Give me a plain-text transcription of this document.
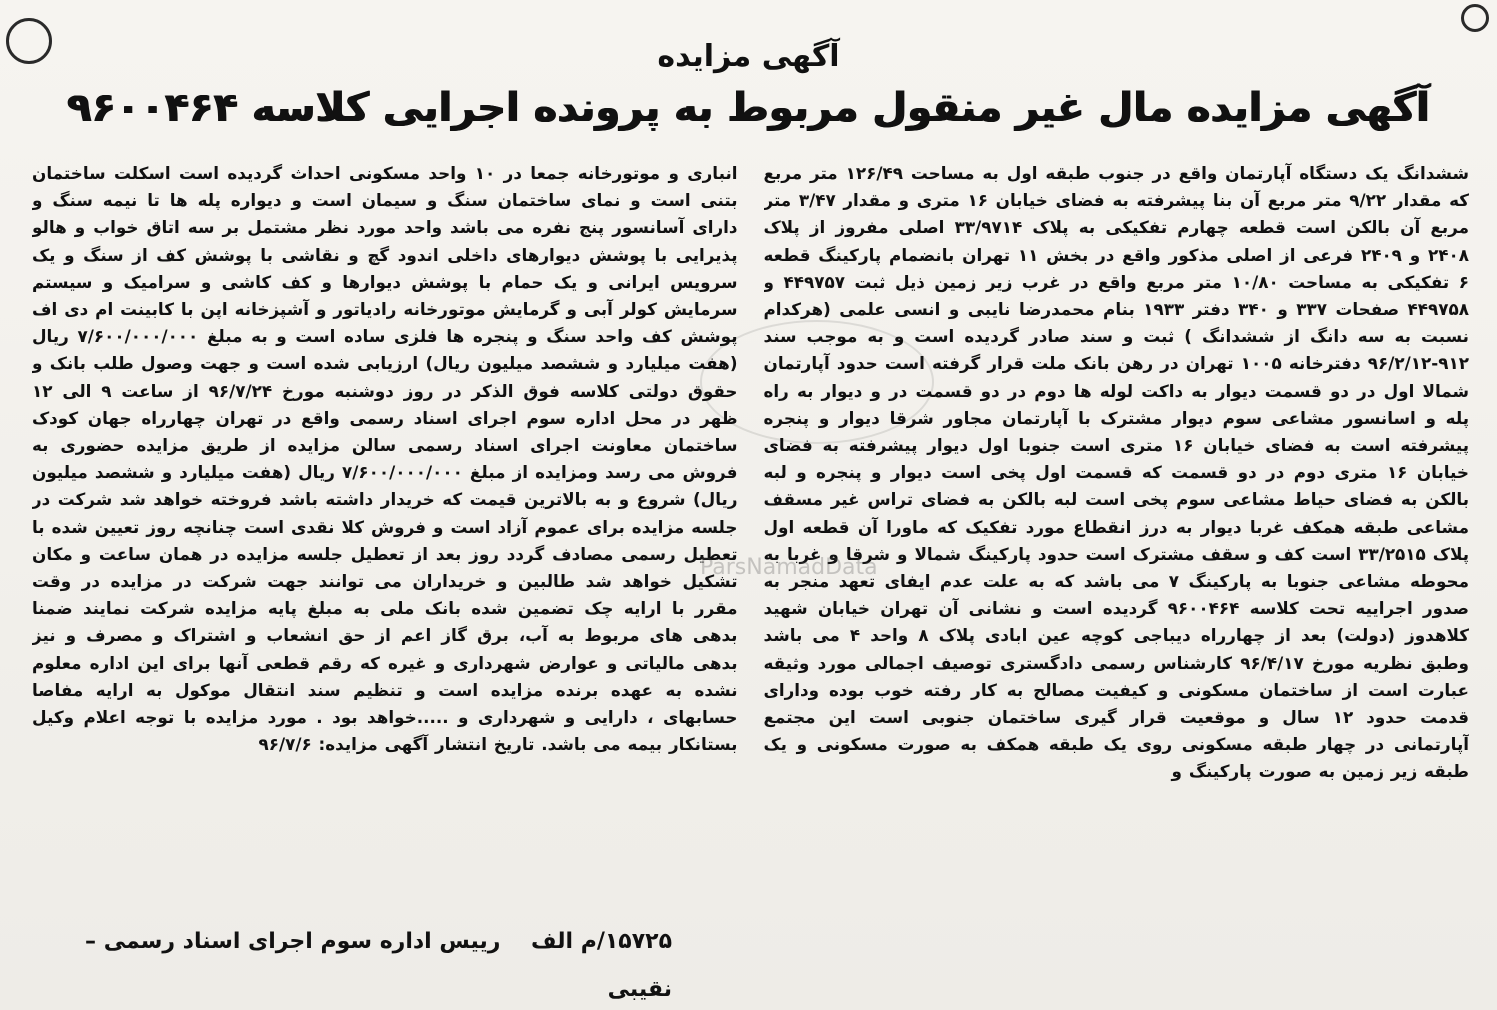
آگهی مزایده
آگهی مزایده مال غیر منقول مربوط به پرونده اجرایی کلاسه ۹۶۰۰۴۶۴
ششدانگ یک دستگاه آپارتمان واقع در جنوب طبقه اول به مساحت ۱۲۶/۴۹ متر مربع که مقدار ۹/۲۲ متر مربع آن بنا پیشرفته به فضای خیابان ۱۶ متری و مقدار ۳/۴۷ متر مربع آن بالکن است قطعه چهارم تفکیکی به پلاک ۳۳/۹۷۱۴ اصلی مفروز از پلاک ۲۴۰۸ و ۲۴۰۹ فرعی از اصلی مذکور واقع در بخش ۱۱ تهران بانضمام پارکینگ قطعه ۶ تفکیکی به مساحت ۱۰/۸۰ متر مربع واقع در غرب زیر زمین ذیل ثبت ۴۴۹۷۵۷ و ۴۴۹۷۵۸ صفحات ۳۳۷ و ۳۴۰ دفتر ۱۹۳۳ بنام محمدرضا نایبی و انسی علمی (هرکدام نسبت به سه دانگ از ششدانگ ) ثبت و سند صادر گردیده است و به موجب سند ۹۱۲-۹۶/۲/۱۲ دفترخانه ۱۰۰۵ تهران در رهن بانک ملت قرار گرفته است حدود آپارتمان شمالا اول در دو قسمت دیوار به داکت لوله ها دوم در دو قسمت در و دیوار به راه پله و اسانسور مشاعی سوم دیوار مشترک با آپارتمان مجاور شرقا دیوار و پنجره پیشرفته است به فضای خیابان ۱۶ متری است جنوبا اول دیوار پیشرفته به فضای خیابان ۱۶ متری دوم در دو قسمت که قسمت اول پخی است دیوار و پنجره و لبه بالکن به فضای حیاط مشاعی سوم پخی است لبه بالکن به فضای تراس غیر مسقف مشاعی طبقه همکف غربا دیوار به درز انقطاع مورد تفکیک که ماورا آن قطعه اول پلاک ۳۳/۲۵۱۵ است کف و سقف مشترک است حدود پارکینگ شمالا و شرقا و غربا به محوطه مشاعی جنوبا به پارکینگ ۷ می باشد که به علت عدم ایفای تعهد منجر به صدور اجراییه تحت کلاسه ۹۶۰۰۴۶۴ گردیده است و نشانی آن تهران خیابان شهید کلاهدوز (دولت) بعد از چهارراه دیباجی کوچه عین ابادی پلاک ۸ واحد ۴ می باشد وطبق نظریه مورخ ۹۶/۴/۱۷ کارشناس رسمی دادگستری توصیف اجمالی مورد وثیقه عبارت است از ساختمان مسکونی و کیفیت مصالح به کار رفته خوب بوده ودارای قدمت حدود ۱۲ سال و موقعیت قرار گیری ساختمان جنوبی است این مجتمع آپارتمانی در چهار طبقه مسکونی روی یک طبقه همکف به صورت مسکونی و یک طبقه زیر زمین به صورت پارکینگ و
انباری و موتورخانه جمعا در ۱۰ واحد مسکونی احداث گردیده است اسکلت ساختمان بتنی است و نمای ساختمان سنگ و سیمان است و دیواره پله ها تا نیمه سنگ و دارای آسانسور پنج نفره می باشد واحد مورد نظر مشتمل بر سه اتاق خواب و هالو پذیرایی با پوشش دیوارهای داخلی اندود گچ و نقاشی با پوشش کف از سنگ و یک سرویس ایرانی و یک حمام با پوشش دیوارها و کف کاشی و سرامیک و سیستم سرمایش کولر آبی و گرمایش موتورخانه رادیاتور و آشپزخانه اپن با کابینت ام دی اف پوشش کف واحد سنگ و پنجره ها فلزی ساده است و به مبلغ ۷/۶۰۰/۰۰۰/۰۰۰ ریال (هفت میلیارد و ششصد میلیون ریال) ارزیابی شده است و جهت وصول طلب بانک و حقوق دولتی کلاسه فوق الذکر در روز دوشنبه مورخ ۹۶/۷/۲۴ از ساعت ۹ الی ۱۲ ظهر در محل اداره سوم اجرای اسناد رسمی واقع در تهران چهارراه جهان کودک ساختمان معاونت اجرای اسناد رسمی سالن مزایده از طریق مزایده حضوری به فروش می رسد ومزایده از مبلغ ۷/۶۰۰/۰۰۰/۰۰۰ ریال (هفت میلیارد و ششصد میلیون ریال) شروع و به بالاترین قیمت که خریدار داشته باشد فروخته خواهد شد شرکت در جلسه مزایده برای عموم آزاد است و فروش کلا نقدی است چنانچه روز تعیین شده با تعطیل رسمی مصادف گردد روز بعد از تعطیل جلسه مزایده در همان ساعت و مکان تشکیل خواهد شد طالبین و خریداران می توانند جهت شرکت در مزایده در وقت مقرر با ارایه چک تضمین شده بانک ملی به مبلغ پایه مزایده شرکت نمایند ضمنا بدهی های مربوط به آب، برق گاز اعم از حق انشعاب و اشتراک و مصرف و نیز بدهی مالیاتی و عوارض شهرداری و غیره که رقم قطعی آنها برای این اداره معلوم نشده به عهده برنده مزایده است و تنظیم سند انتقال موکول به ارایه مفاصا حسابهای ، دارایی و شهرداری و .....خواهد بود . مورد مزایده با توجه اعلام وکیل بستانکار بیمه می باشد. تاریخ انتشار آگهی مزایده: ۹۶/۷/۶
ParsNamadData
۱۵۷۲۵/م الف    رییس اداره سوم اجرای اسناد رسمی – نقیبی
